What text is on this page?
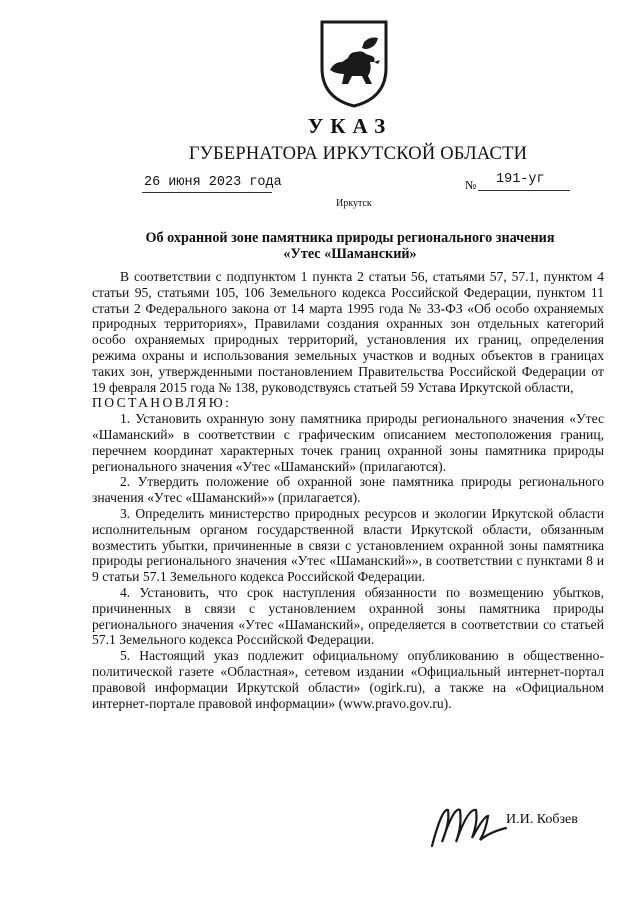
УКАЗ
ГУБЕРНАТОРА ИРКУТСКОЙ ОБЛАСТИ
26 июня 2023 года	№ 191-уг
Иркутск
Об охранной зоне памятника природы регионального значения
«Утес «Шаманский»

В соответствии с подпунктом 1 пункта 2 статьи 56, статьями 57, 57.1, пунктом 4 статьи 95, статьями 105, 106 Земельного кодекса Российской Федерации, пунктом 11 статьи 2 Федерального закона от 14 марта 1995 года № 33-ФЗ «Об особо охраняемых природных территориях», Правилами создания охранных зон отдельных категорий особо охраняемых природных территорий, установления их границ, определения режима охраны и использования земельных участков и водных объектов в границах таких зон, утвержденными постановлением Правительства Российской Федерации от 19 февраля 2015 года № 138, руководствуясь статьей 59 Устава Иркутской области,

ПОСТАНОВЛЯЮ:

1. Установить охранную зону памятника природы регионального значения «Утес «Шаманский» в соответствии с графическим описанием местоположения границ, перечнем координат характерных точек границ охранной зоны памятника природы регионального значения «Утес «Шаманский» (прилагаются).

2. Утвердить положение об охранной зоне памятника природы регионального значения «Утес «Шаманский»» (прилагается).

3. Определить министерство природных ресурсов и экологии Иркутской области исполнительным органом государственной власти Иркутской области, обязанным возместить убытки, причиненные в связи с установлением охранной зоны памятника природы регионального значения «Утес «Шаманский»», в соответствии с пунктами 8 и 9 статьи 57.1 Земельного кодекса Российской Федерации.

4. Установить, что срок наступления обязанности по возмещению убытков, причиненных в связи с установлением охранной зоны памятника природы регионального значения «Утес «Шаманский», определяется в соответствии со статьей 57.1 Земельного кодекса Российской Федерации.

5. Настоящий указ подлежит официальному опубликованию в общественно-политической газете «Областная», сетевом издании «Официальный интернет-портал правовой информации Иркутской области» (ogirk.ru), а также на «Официальном интернет-портале правовой информации» (www.pravo.gov.ru).

И.И. Кобзев
